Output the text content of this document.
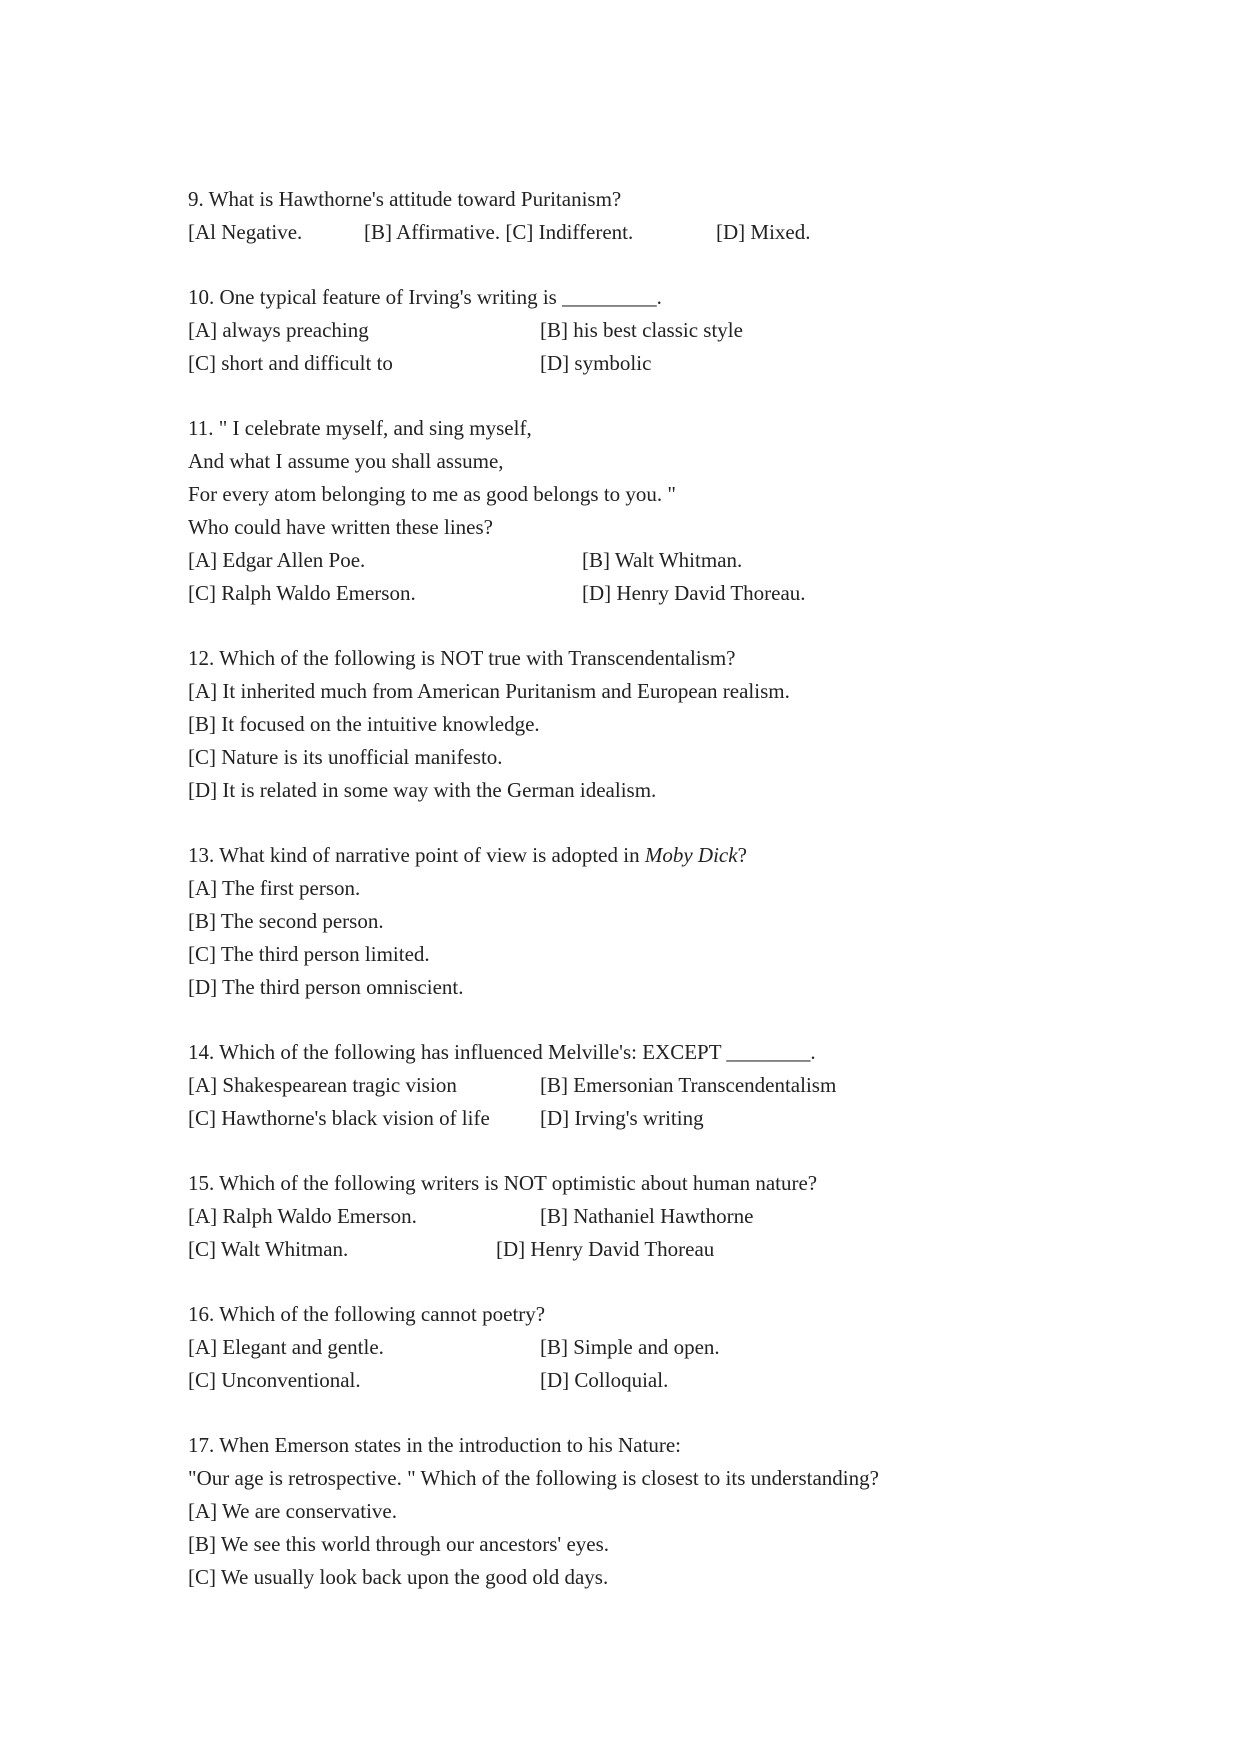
9. What is Hawthorne's attitude toward Puritanism?
[Al Negative.	[B] Affirmative. [C] Indifferent.	[D] Mixed.
10. One typical feature of Irving's writing is _________.
[A] always preaching	[B] his best classic style
[C] short and difficult to	[D] symbolic
11. " I celebrate myself, and sing myself,
And what I assume you shall assume,
For every atom belonging to me as good belongs to you. "
Who could have written these lines?
[A] Edgar Allen Poe.	[B] Walt Whitman.
[C] Ralph Waldo Emerson.	[D] Henry David Thoreau.
12. Which of the following is NOT true with Transcendentalism?
[A] It inherited much from American Puritanism and European realism.
[B] It focused on the intuitive knowledge.
[C] Nature is its unofficial manifesto.
[D] It is related in some way with the German idealism.
13. What kind of narrative point of view is adopted in Moby Dick?
[A] The first person.
[B] The second person.
[C] The third person limited.
[D] The third person omniscient.
14. Which of the following has influenced Melville's: EXCEPT ________.
[A] Shakespearean tragic vision	[B] Emersonian Transcendentalism
[C] Hawthorne's black vision of life [D] Irving's writing
15. Which of the following writers is NOT optimistic about human nature?
[A] Ralph Waldo Emerson.	[B] Nathaniel Hawthorne
[C] Walt Whitman.	[D] Henry David Thoreau
16. Which of the following cannot poetry?
[A] Elegant and gentle.	[B] Simple and open.
[C] Unconventional.	[D] Colloquial.
17. When Emerson states in the introduction to his Nature:
"Our age is retrospective. " Which of the following is closest to its understanding?
[A] We are conservative.
[B] We see this world through our ancestors' eyes.
[C] We usually look back upon the good old days.
